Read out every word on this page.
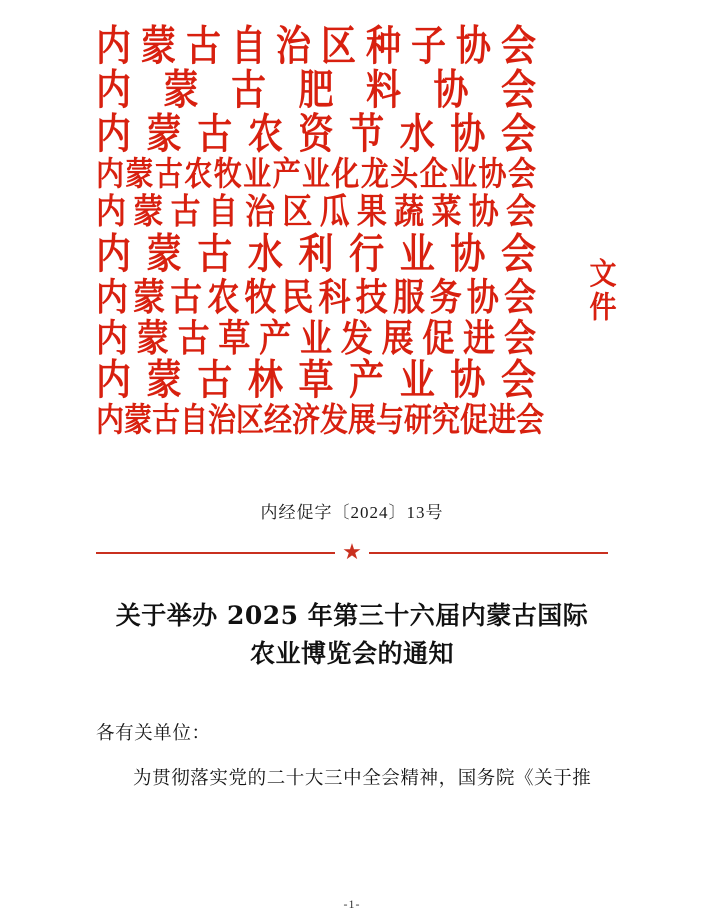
内蒙古自治区种子协会
内蒙古肥料协会
内蒙古农资节水协会
内蒙古农牧业产业化龙头企业协会
内蒙古自治区瓜果蔬菜协会
内蒙古水利行业协会
内蒙古农牧民科技服务协会
内蒙古草产业发展促进会
内蒙古林草产业协会
内蒙古自治区经济发展与研究促进会
文件
内经促字〔2024〕13号
★
关于举办 2025 年第三十六届内蒙古国际
农业博览会的通知

各有关单位：

为贯彻落实党的二十大三中全会精神，国务院《关于推

-1-
